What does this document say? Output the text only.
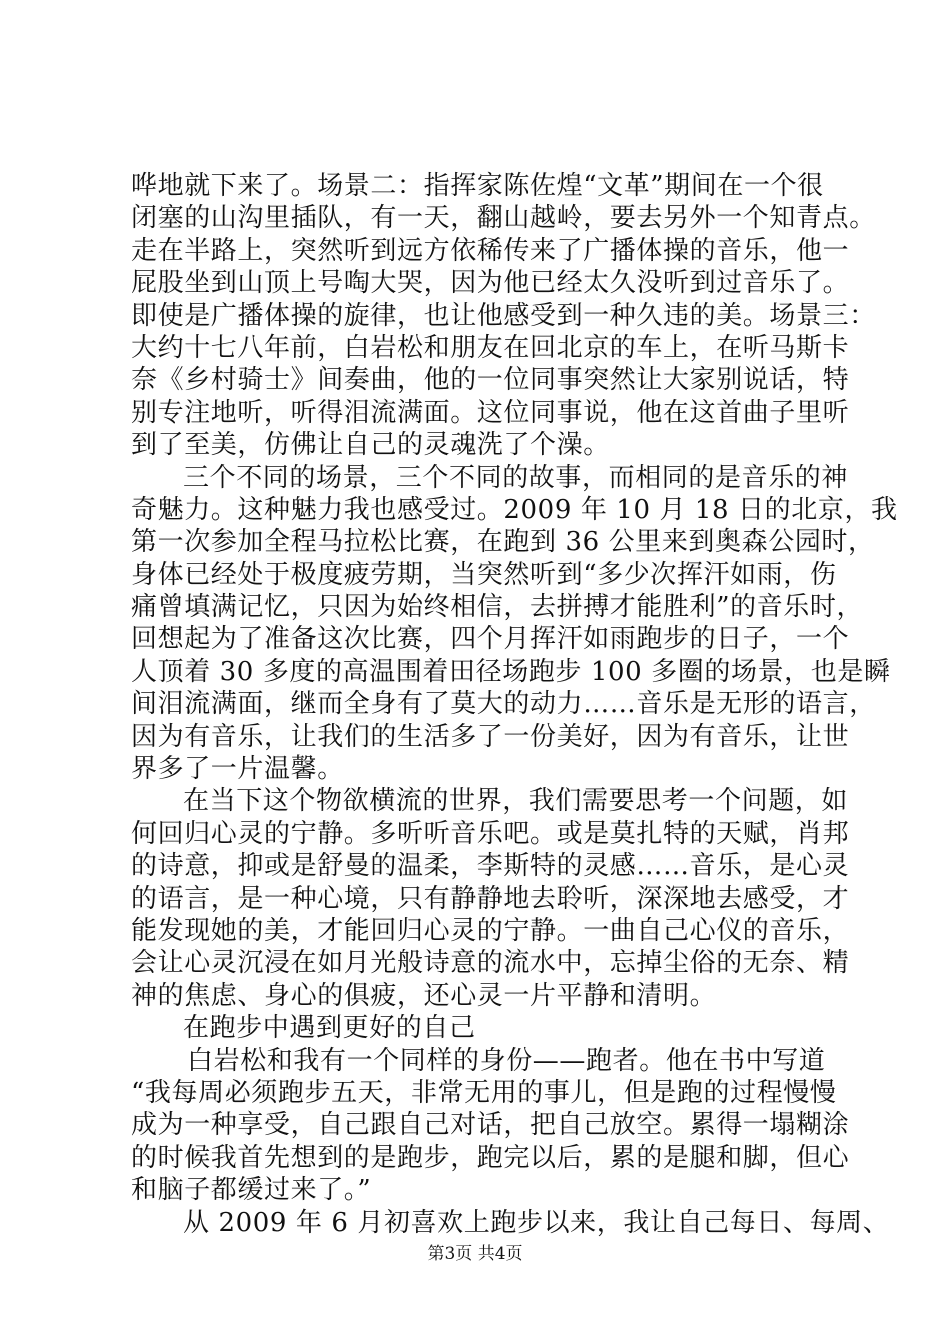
哗地就下来了。场景二：指挥家陈佐煌“文革”期间在一个很
闭塞的山沟里插队，有一天，翻山越岭，要去另外一个知青点。
走在半路上，突然听到远方依稀传来了广播体操的音乐，他一
屁股坐到山顶上号啕大哭，因为他已经太久没听到过音乐了。
即使是广播体操的旋律，也让他感受到一种久违的美。场景三：
大约十七八年前，白岩松和朋友在回北京的车上，在听马斯卡
奈《乡村骑士》间奏曲，他的一位同事突然让大家别说话，特
别专注地听，听得泪流满面。这位同事说，他在这首曲子里听
到了至美，仿佛让自己的灵魂洗了个澡。
三个不同的场景，三个不同的故事，而相同的是音乐的神
奇魅力。这种魅力我也感受过。2009 年 10 月 18 日的北京，我
第一次参加全程马拉松比赛，在跑到 36 公里来到奥森公园时，
身体已经处于极度疲劳期，当突然听到“多少次挥汗如雨，伤
痛曾填满记忆，只因为始终相信，去拼搏才能胜利”的音乐时，
回想起为了准备这次比赛，四个月挥汗如雨跑步的日子，一个
人顶着 30 多度的高温围着田径场跑步 100 多圈的场景，也是瞬
间泪流满面，继而全身有了莫大的动力……音乐是无形的语言，
因为有音乐，让我们的生活多了一份美好，因为有音乐，让世
界多了一片温馨。
在当下这个物欲横流的世界，我们需要思考一个问题，如
何回归心灵的宁静。多听听音乐吧。或是莫扎特的天赋，肖邦
的诗意，抑或是舒曼的温柔，李斯特的灵感……音乐，是心灵
的语言，是一种心境，只有静静地去聆听，深深地去感受，才
能发现她的美，才能回归心灵的宁静。一曲自己心仪的音乐，
会让心灵沉浸在如月光般诗意的流水中，忘掉尘俗的无奈、精
神的焦虑、身心的俱疲，还心灵一片平静和清明。
在跑步中遇到更好的自己
白岩松和我有一个同样的身份——跑者。他在书中写道
“我每周必须跑步五天，非常无用的事儿，但是跑的过程慢慢
成为一种享受，自己跟自己对话，把自己放空。累得一塌糊涂
的时候我首先想到的是跑步，跑完以后，累的是腿和脚，但心
和脑子都缓过来了。”
从 2009 年 6 月初喜欢上跑步以来，我让自己每日、每周、
第3页 共4页
